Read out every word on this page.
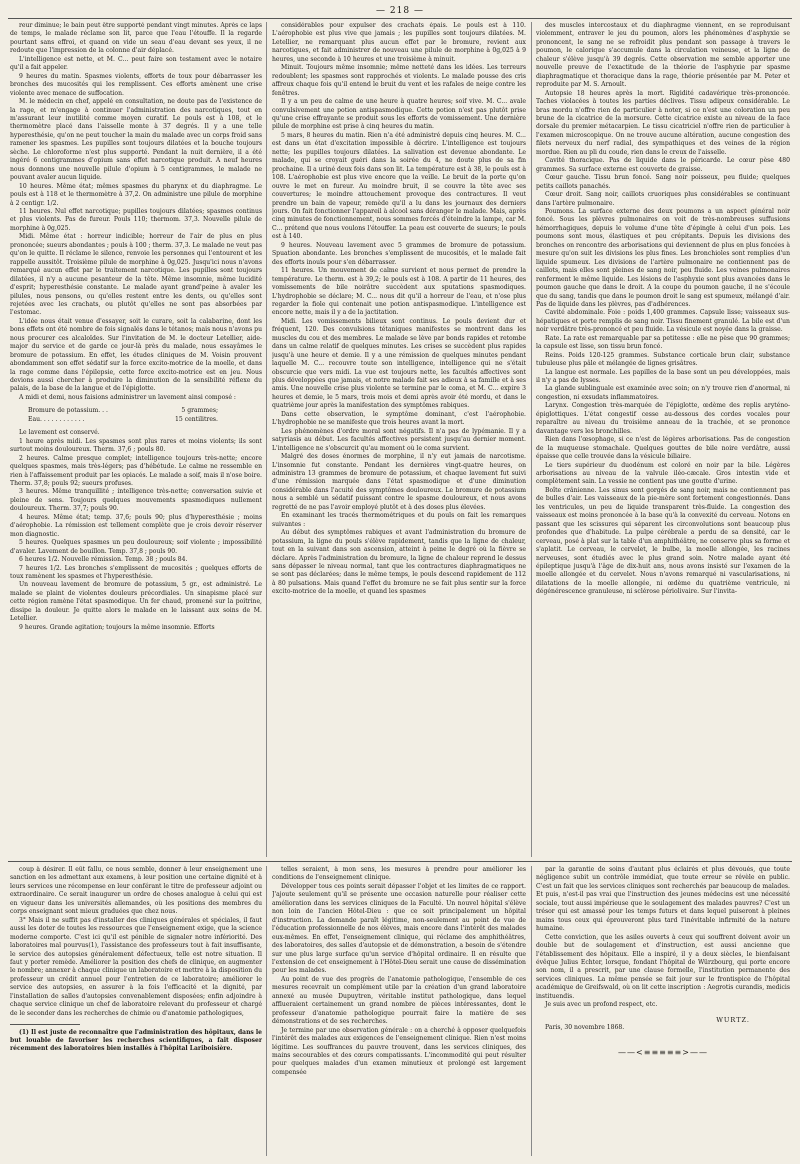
— 218 —

reur diminue; le bain peut être supporté pendant vingt minutes. Après ce laps de temps, le malade réclame son lit, parce que l'eau l'étouffe. Il la regarde pourtant sans effroi, et quand on vide un seau d'eau devant ses yeux, il ne redoute que l'impression de la colonne d'air déplacé.

L'intelligence est nette, et M. C... peut faire son testament avec le notaire qu'il a fait appeler.

9 heures du matin. Spasmes violents, efforts de toux pour débarrasser les bronches des mucosités qui les remplissent. Ces efforts amènent une crise violente avec menace de suffocation.

M. le médecin en chef, appelé en consultation, ne doute pas de l'existence de la rage, et m'engage à continuer l'administration des narcotiques, tout en m'assurant leur inutilité comme moyen curatif. Le pouls est à 108, et le thermomètre placé dans l'aisselle monte à 37 degrés. Il y a une telle hyperesthésie, qu'on ne peut toucher la main du malade avec un corps froid sans ramener les spasmes. Les pupilles sont toujours dilatées et la bouche toujours sèche. Le chloroforme n'est plus supporté. Pendant la nuit dernière, il a été ingéré 6 centigrammes d'opium sans effet narcotique produit. A neuf heures nous donnons une nouvelle pilule d'opium à 5 centigrammes, le malade ne pouvant avaler aucun liquide.

10 heures. Même état; mêmes spasmes du pharynx et du diaphragme. Le pouls est à 118 et le thermomètre à 37,2. On administre une pilule de morphine à 2 centigr. 1/2.

11 heures. Nul effet narcotique; pupilles toujours dilatées; spasmes continus et plus violents. Pas de fureur. Pouls 110; thermom. 37,3. Nouvelle pilule de morphine à 0g,025.

Midi. Même état : horreur indicible; horreur de l'air de plus en plus prononcée; sueurs abondantes ; pouls à 100 ; therm. 37,3. Le malade ne veut pas qu'on le quitte. Il réclame le silence, renvoie les personnes qui l'entourent et les rappelle aussitôt. Troisième pilule de morphine à 0g,025. Jusqu'ici nous n'avons remarqué aucun effet par le traitement narcotique. Les pupilles sont toujours dilatées, il n'y a aucune pesanteur de la tête. Même insomnie, même lucidité d'esprit; hyperesthésie constante. Le malade ayant grand'peine à avaler les pilules, nous pensons, ou qu'elles restent entre les dents, ou qu'elles sont rejetées avec les crachats, ou plutôt qu'elles ne sont pas absorbées par l'estomac.

L'idée nous était venue d'essayer, soit le curare, soit la calabarine, dont les bons effets ont été nombre de fois signalés dans le tétanos; mais nous n'avons pu nous procurer ces alcaloïdes. Sur l'invitation de M. le docteur Letellier, aide-major du service et de garde ce jour-là près du malade, nous essayâmes le bromure de potassium. En effet, les études cliniques de M. Voisin prouvent abondamment son effet sédatif sur la force excito-motrice de la moelle, et dans la rage comme dans l'épilepsie, cette force excito-motrice est en jeu. Nous devions aussi chercher à produire la diminution de la sensibilité réflexe du palais, de la base de la langue et de l'épiglotte.

A midi et demi, nous faisions administrer un lavement ainsi composé :

Bromure de potassium. . .	5 grammes;
Eau. . . . . . . . . . . .	15 centilitres.

Le lavement est conservé.

1 heure après midi. Les spasmes sont plus rares et moins violents; ils sont surtout moins douloureux. Therm. 37,6 ; pouls 80.

2 heures. Calme presque complet; intelligence toujours très-nette; encore quelques spasmes, mais très-légers; pas d'hébétude. Le calme ne ressemble en rien à l'affaissement produit par les opiacés. Le malade a soif, mais il n'ose boire. Therm. 37,8; pouls 92; sueurs profuses.

3 heures. Même tranquillité ; intelligence très-nette; conversation suivie et pleine de sens. Toujours quelques mouvements spasmodiques nullement douloureux. Therm. 37,7; pouls 90.

4 heures. Même état; temp. 37,6; pouls 90; plus d'hyperesthésie ; moins d'aérophobie. La rémission est tellement complète que je crois devoir réserver mon diagnostic.

5 heures. Quelques spasmes un peu douloureux; soif violente ; impossibilité d'avaler. Lavement de bouillon. Temp. 37,8 ; pouls 90.

6 heures 1/2. Nouvelle rémission. Temp. 38 ; pouls 84.

7 heures 1/2. Les bronches s'emplissent de mucosités ; quelques efforts de toux ramènent les spasmes et l'hyperesthésie.

Un nouveau lavement de bromure de potassium, 5 gr., est administré. Le malade se plaint de violentes douleurs précordiales. Un sinapisme placé sur cette région ramène l'état spasmodique. Un fer chaud, promené sur la poitrine, dissipe la douleur. Je quitte alors le malade en le laissant aux soins de M. Letellier.

9 heures. Grande agitation; toujours la même insomnie. Efforts

considérables pour expulser des crachats épais. Le pouls est à 110. L'aérophobie est plus vive que jamais ; les pupilles sont toujours dilatées. M. Letellier, ne remarquant plus aucun effet par le bromure, revient aux narcotiques, et fait administrer de nouveau une pilule de morphine à 0g,025 à 9 heures, une seconde à 10 heures et une troisième à minuit.

Minuit. Toujours même insomnie; même netteté dans les idées. Les terreurs redoublent; les spasmes sont rapprochés et violents. Le malade pousse des cris affreux chaque fois qu'il entend le bruit du vent et les rafales de neige contre les fenêtres.

Il y a un peu de calme de une heure à quatre heures; soif vive. M. C... avale convulsivement une potion antispasmodique. Cette potion n'est pas plutôt prise qu'une crise effrayante se produit sous les efforts de vomissement. Une dernière pilule de morphine est prise à cinq heures du matin.

5 mars, 8 heures du matin. Rien n'a été administré depuis cinq heures. M. C... est dans un état d'excitation impossible à décrire. L'intelligence est toujours nette; les pupilles toujours dilatées. La salivation est devenue abondante. Le malade, qui se croyait guéri dans la soirée du 4, ne doute plus de sa fin prochaine. Il a uriné deux fois dans son lit. La température est à 38, le pouls est à 108. L'aérophobie est plus vive encore que la veille. Le bruit de la porte qu'on ouvre le met en fureur. Au moindre bruit, il se couvre la tête avec ses couvertures; le moindre attouchement provoque des contractures. Il veut prendre un bain de vapeur, remède qu'il a lu dans les journaux des derniers jours. On fait fonctionner l'appareil à alcool sans déranger le malade. Mais, après cinq minutes de fonctionnement, nous sommes forcés d'éteindre la lampe, car M. C... prétend que nous voulons l'étouffer. La peau est couverte de sueurs; le pouls est à 140.

9 heures. Nouveau lavement avec 5 grammes de bromure de potassium. Spuation abondante. Les bronches s'emplissent de mucosités, et le malade fait des efforts inouïs pour s'en débarrasser.

11 heures. Un mouvement de calme survient et nous permet de prendre la température. Le therm. est à 39,2; le pouls est à 108. A partir de 11 heures, des vomissements de bile noirâtre succèdent aux sputations spasmodiques. L'hydrophobie se déclare; M. C... nous dit qu'il a horreur de l'eau, et n'ose plus regarder la fiole qui contenait une potion antispasmodique. L'intelligence est encore nette, mais il y a de la jactitation.

Midi. Les vomissements bilieux sont continus. Le pouls devient dur et fréquent, 120. Des convulsions tétaniques manifestes se montrent dans les muscles du cou et des membres. Le malade se lève par bonds rapides et retombe dans un calme relatif de quelques minutes. Les crises se succèdent plus rapides jusqu'à une heure et demie. Il y a une rémission de quelques minutes pendant laquelle M. C... recouvre toute son intelligence, intelligence qui ne s'était obscurcie que vers midi. La vue est toujours nette, les facultés affectives sont plus développées que jamais, et notre malade fait ses adieux à sa famille et à ses amis. Une nouvelle crise plus violente se termine par le coma, et M. C... expire 3 heures et demie, le 5 mars, trois mois et demi après avoir été mordu, et dans le quatrième jour après la manifestation des symptômes rabiques.

Dans cette observation, le symptôme dominant, c'est l'aérophobie. L'hydrophobie ne se manifeste que trois heures avant la mort.

Les phénomènes d'ordre moral sont négatifs. Il n'a pas de lypémanie. Il y a satyriasis au début. Les facultés affectives persistent jusqu'au dernier moment. L'intelligence ne s'obscurcit qu'au moment où le coma survient.

Malgré des doses énormes de morphine, il n'y eut jamais de narcotisme. L'insomnie fut constante. Pendant les dernières vingt-quatre heures, on administra 13 grammes de bromure de potassium, et chaque lavement fut suivi d'une rémission marquée dans l'état spasmodique et d'une diminution considérable dans l'acuité des symptômes douloureux. Le bromure de potassium nous a semblé un sédatif puissant contre le spasme douloureux, et nous avons regretté de ne pas l'avoir employé plutôt et à des doses plus élevées.

En examinant les tracés thermométriques et du pouls on fait les remarques suivantes :

Au début des symptômes rabiques et avant l'administration du bromure de potassium, la ligne du pouls s'élève rapidement, tandis que la ligne de chaleur, tout en la suivant dans son ascension, atteint à peine le degré où la fièvre se déclare. Après l'administration du bromure, la ligne de chaleur reprend le dessus sans dépasser le niveau normal, tant que les contractures diaphragmatiques ne se sont pas déclarées; dans le même temps, le pouls descend rapidement de 112 à 80 pulsations. Mais quand l'effet du bromure ne se fait plus sentir sur la force excito-motrice de la moelle, et quand les spasmes

des muscles intercostaux et du diaphragme viennent, en se reproduisant violemment, entraver le jeu du poumon, alors les phénomènes d'asphyxie se prononcent, le sang ne se refroidit plus pendant son passage à travers le poumon, le calorique s'accumule dans la circulation veineuse, et la ligne de chaleur s'élève jusqu'à 39 degrés. Cette observation me semble apporter une nouvelle preuve de l'exactitude de la théorie de l'asphyxie par spasme diaphragmatique et thoracique dans la rage, théorie présentée par M. Peter et reproduite par M. S. Arnoult.

Autopsie 18 heures après la mort. Rigidité cadavérique très-prononcée. Taches violacées à toutes les parties déclives. Tissu adipeux considérable. Le bras mordu n'offre rien de particulier à noter, si ce n'est une coloration un peu brune de la cicatrice de la morsure. Cette cicatrice existe au niveau de la face dorsale du premier métacarpien. Le tissu cicatriciel n'offre rien de particulier à l'examen microscopique. On ne trouve aucune altération, aucune congestion des filets nerveux du nerf radial, des sympathiques et des veines de la région mordue. Rien au pli du coude, rien dans le creux de l'aisselle.

Cavité thoracique. Pas de liquide dans le péricarde. Le cœur pèse 480 grammes. Sa surface externe est couverte de graisse.

Cœur gauche. Tissu brun foncé. Sang noir poisseux, peu fluide; quelques petits caillots panachés.

Cœur droit. Sang noir, caillots cruoriques plus considérables se continuant dans l'artère pulmonaire.

Poumons. La surface externe des deux poumons a un aspect général noir foncé. Sous les plèvres pulmonaires on voit de très-nombreuses suffusions hémorrhagiques, depuis le volume d'une tête d'épingle à celui d'un pois. Les poumons sont mous, élastiques et peu crépitants. Depuis les divisions des bronches on rencontre des arborisations qui deviennent de plus en plus foncées à mesure qu'on suit les divisions les plus fines. Les bronchioles sont remplies d'un liquide spumeux. Les divisions de l'artère pulmonaire ne contiennent pas de caillots, mais elles sont pleines de sang noir, peu fluide. Les veines pulmonaires renferment le même liquide. Les lésions de l'asphyxie sont plus avancées dans le poumon gauche que dans le droit. A la coupe du poumon gauche, il ne s'écoule que du sang, tandis que dans le poumon droit le sang est spumeux, mélangé d'air. Pas de liquide dans les plèvres, pas d'adhérences.

Cavité abdominale. Foie : poids 1,400 grammes. Capsule lisse; vaisseaux sus-hépatiques et porte remplis de sang noir. Tissu finement granulé. La bile est d'un noir verdâtre très-prononcé et peu fluide. La vésicule est noyée dans la graisse.

Rate. La rate est remarquable par sa petitesse : elle ne pèse que 90 grammes; la capsule est lisse, son tissu brun foncé.

Reins. Poids 120-125 grammes. Substance corticale brun clair, substance tubuleuse plus pâle et mélangée de lignes grisâtres.

La langue est normale. Les papilles de la base sont un peu développées, mais il n'y a pas de lysses.

La glande sublinguale est examinée avec soin; on n'y trouve rien d'anormal, ni congestion, ni exsudats inflammatoires.

Larynx. Congestion très-marquée de l'épiglotte, œdème des replis aryténo-épiglottiques. L'état congestif cesse au-dessous des cordes vocales pour reparaître au niveau du troisième anneau de la trachée, et se prononce davantage vers les bronchilles.

Rien dans l'œsophage, si ce n'est de légères arborisations. Pas de congestion de la muqueuse stomachale. Quelques gouttes de bile noire verdâtre, aussi épaisse que celle trouvée dans la vésicule biliaire.

Le tiers supérieur du duodénum est coloré en noir par la bile. Légères arborisations au niveau de la valvule iléo-cæcale. Gros intestin vide et complètement sain. La vessie ne contient pas une goutte d'urine.

Boîte crânienne. Les sinus sont gorgés de sang noir, mais ne contiennent pas de bulles d'air. Les vaisseaux de la pie-mère sont fortement congestionnés. Dans les ventricules, un peu de liquide transparent très-fluide. La congestion des vaisseaux est moins prononcée à la base qu'à la convexité du cerveau. Notons en passant que les scissures qui séparent les circonvolutions sont beaucoup plus profondes que d'habitude. La pulpe cérébrale a perdu de sa densité, car le cerveau, posé à plat sur la table d'un amphithéâtre, ne conserve plus sa forme et s'aplatit. Le cerveau, le cervelet, le bulbe, la moelle allongée, les racines nerveuses, sont étudiés avec le plus grand soin. Notre malade ayant été épileptique jusqu'à l'âge de dix-huit ans, nous avons insisté sur l'examen de la moelle allongée et du cervelet. Nous n'avons remarqué ni vascularisations, ni dilatations de la moelle allongée, ni œdème du quatrième ventricule, ni dégénérescence granuleuse, ni sclérose périolivaire. Sur l'invita-

coup à désirer. Il eût fallu, ce nous semble, donner à leur enseignement une sanction en les admettant aux examens, à leur position une certaine dignité et à leurs services une récompense en leur conférant le titre de professeur adjoint ou extraordinaire. Ce serait inaugurer un ordre de choses analogue à celui qui est en vigueur dans les universités allemandes, où les positions des membres du corps enseignant sont mieux graduées que chez nous.

3° Mais il ne suffit pas d'installer des cliniques générales et spéciales, il faut aussi les doter de toutes les ressources que l'enseignement exige, que la science moderne comporte. C'est ici qu'il est pénible de signaler notre infériorité. Des laboratoires mal pourvus(1), l'assistance des professeurs tout à fait insuffisante, le service des autopsies généralement défectueux, telle est notre situation. Il faut y porter remède. Améliorer la position des chefs de clinique, en augmenter le nombre; annexer à chaque clinique un laboratoire et mettre à la disposition du professeur un crédit annuel pour l'entretien de ce laboratoire; améliorer le service des autopsies, en assurer à la fois l'efficacité et la dignité, par l'installation de salles d'autopsies convenablement disposées; enfin adjoindre à chaque service clinique un chef de laboratoire relevant du professeur et chargé de le seconder dans les recherches de chimie ou d'anatomie pathologiques,

(1) Il est juste de reconnaître que l'administration des hôpitaux, dans le but louable de favoriser les recherches scientifiques, a fait disposer récemment des laboratoires bien installés à l'hôpital Lariboisière.

telles seraient, à mon sens, les mesures à prendre pour améliorer les conditions de l'enseignement clinique.

Développer tous ces points serait dépasser l'objet et les limites de ce rapport. J'ajoute seulement qu'il se présente une occasion naturelle pour réaliser cette amélioration dans les services cliniques de la Faculté. Un nouvel hôpital s'élève non loin de l'ancien Hôtel-Dieu : que ce soit principalement un hôpital d'instruction. La demande paraît légitime, non-seulement au point de vue de l'éducation professionnelle de nos élèves, mais encore dans l'intérêt des malades eux-mêmes. En effet, l'enseignement clinique, qui réclame des amphithéâtres, des laboratoires, des salles d'autopsie et de démonstration, a besoin de s'étendre sur une plus large surface qu'un service d'hôpital ordinaire. Il en résulte que l'extension de cet enseignement à l'Hôtel-Dieu serait une cause de dissémination pour les malades.

Au point de vue des progrès de l'anatomie pathologique, l'ensemble de ces mesures recevrait un complément utile par la création d'un grand laboratoire annexé au musée Dupuytren, véritable institut pathologique, dans lequel afflueraient certainement un grand nombre de pièces intéressantes, dont le professeur d'anatomie pathologique pourrait faire la matière de ses démonstrations et de ses recherches.

Je termine par une observation générale : on a cherché à opposer quelquefois l'intérêt des malades aux exigences de l'enseignement clinique. Rien n'est moins légitime. Les souffrances du pauvre trouvent, dans les services cliniques, des mains secourables et des cœurs compatissants. L'incommodité qui peut résulter pour quelques malades d'un examen minutieux et prolongé est largement compensée

par la garantie de soins d'autant plus éclairés et plus dévoués, que toute négligence subit un contrôle immédiat, que toute erreur se révèle en public. C'est un fait que les services cliniques sont recherchés par beaucoup de malades. Et puis, n'est-il pas vrai que l'instruction des jeunes médecins est une nécessité sociale, tout aussi impérieuse que le soulagement des malades pauvres? C'est un trésor qui est amassé pour les temps futurs et dans lequel puiseront à pleines mains tous ceux qui éprouveront plus tard l'inévitable infirmité de la nature humaine.

Cette conviction, que les asiles ouverts à ceux qui souffrent doivent avoir un double but de soulagement et d'instruction, est aussi ancienne que l'établissement des hôpitaux. Elle a inspiré, il y a deux siècles, le bienfaisant évêque Julius Echter, lorsque, fondant l'hôpital de Würzbourg, qui porte encore son nom, il a prescrit, par une clause formelle, l'institution permanente des services cliniques. La même pensée se fait jour sur le frontispice de l'hôpital académique de Greifswald, où on lit cette inscription : Aegrotis curandis, medicis instituendis.

Je suis avec un profond respect, etc.

WURTZ.

Paris, 30 novembre 1868.

——<≡≡≡≡≡>——
